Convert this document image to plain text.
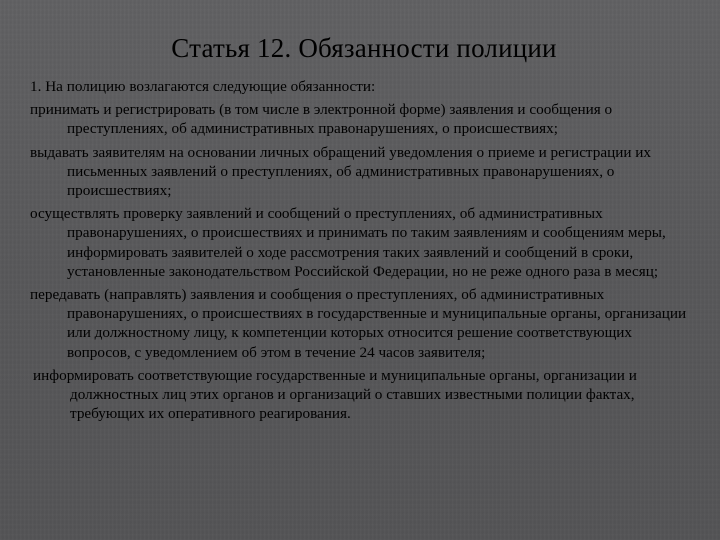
Статья 12. Обязанности полиции

1. На полицию возлагаются следующие обязанности:

принимать и регистрировать (в том числе в электронной форме) заявления и сообщения о преступлениях, об административных правонарушениях, о происшествиях;

выдавать заявителям на основании личных обращений уведомления о приеме и регистрации их письменных заявлений о преступлениях, об административных правонарушениях, о происшествиях;

осуществлять проверку заявлений и сообщений о преступлениях, об административных правонарушениях, о происшествиях и принимать по таким заявлениям и сообщениям меры, информировать заявителей о ходе рассмотрения таких заявлений и сообщений в сроки, установленные законодательством Российской Федерации, но не реже одного раза в месяц;

передавать (направлять) заявления и сообщения о преступлениях, об административных правонарушениях, о происшествиях в государственные и муниципальные органы, организации или должностному лицу, к компетенции которых относится решение соответствующих вопросов, с уведомлением об этом в течение 24 часов заявителя;

информировать соответствующие государственные и муниципальные органы, организации и должностных лиц этих органов и организаций о ставших известными полиции фактах, требующих их оперативного реагирования.
